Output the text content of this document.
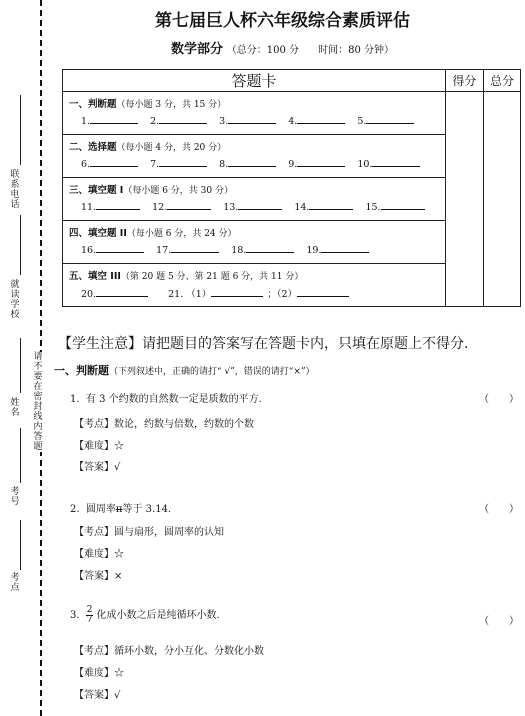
联系电话
就读学校
姓名
考号
考点
请不要在密封线内答题
第七届巨人杯六年级综合素质评估
数学部分 （总分：100 分 时间：80 分钟）
答题卡	得分	总分

一、判断题（每小题 3 分，共 15 分）
1. 2. 3. 4. 5.		

二、选择题（每小题 4 分，共 20 分）
6. 7. 8. 9. 10.		

三、填空题 I（每小题 6 分，共 30 分）
11. 12. 13. 14. 15.		

四、填空题 II（每小题 6 分，共 24 分）
16. 17. 18. 19.		

五、填空 III（第 20 题 5 分、第 21 题 6 分，共 11 分）
20. 21. （1） ；（2）		
【学生注意】请把题目的答案写在答题卡内，只填在原题上不得分.
一、判断题（下列叙述中，正确的请打“ √”，错误的请打“×”）
1. 有 3 个约数的自然数一定是质数的平方.	（　　）
【考点】数论，约数与倍数，约数的个数
【难度】☆
【答案】√
2. 圆周率π等于 3.14.	（　　）
【考点】圆与扇形，圆周率的认知
【难度】☆
【答案】×
3. $\frac{2}{7}$ 化成小数之后是纯循环小数.
（　　）
【考点】循环小数，分小互化、分数化小数
【难度】☆
【答案】√
